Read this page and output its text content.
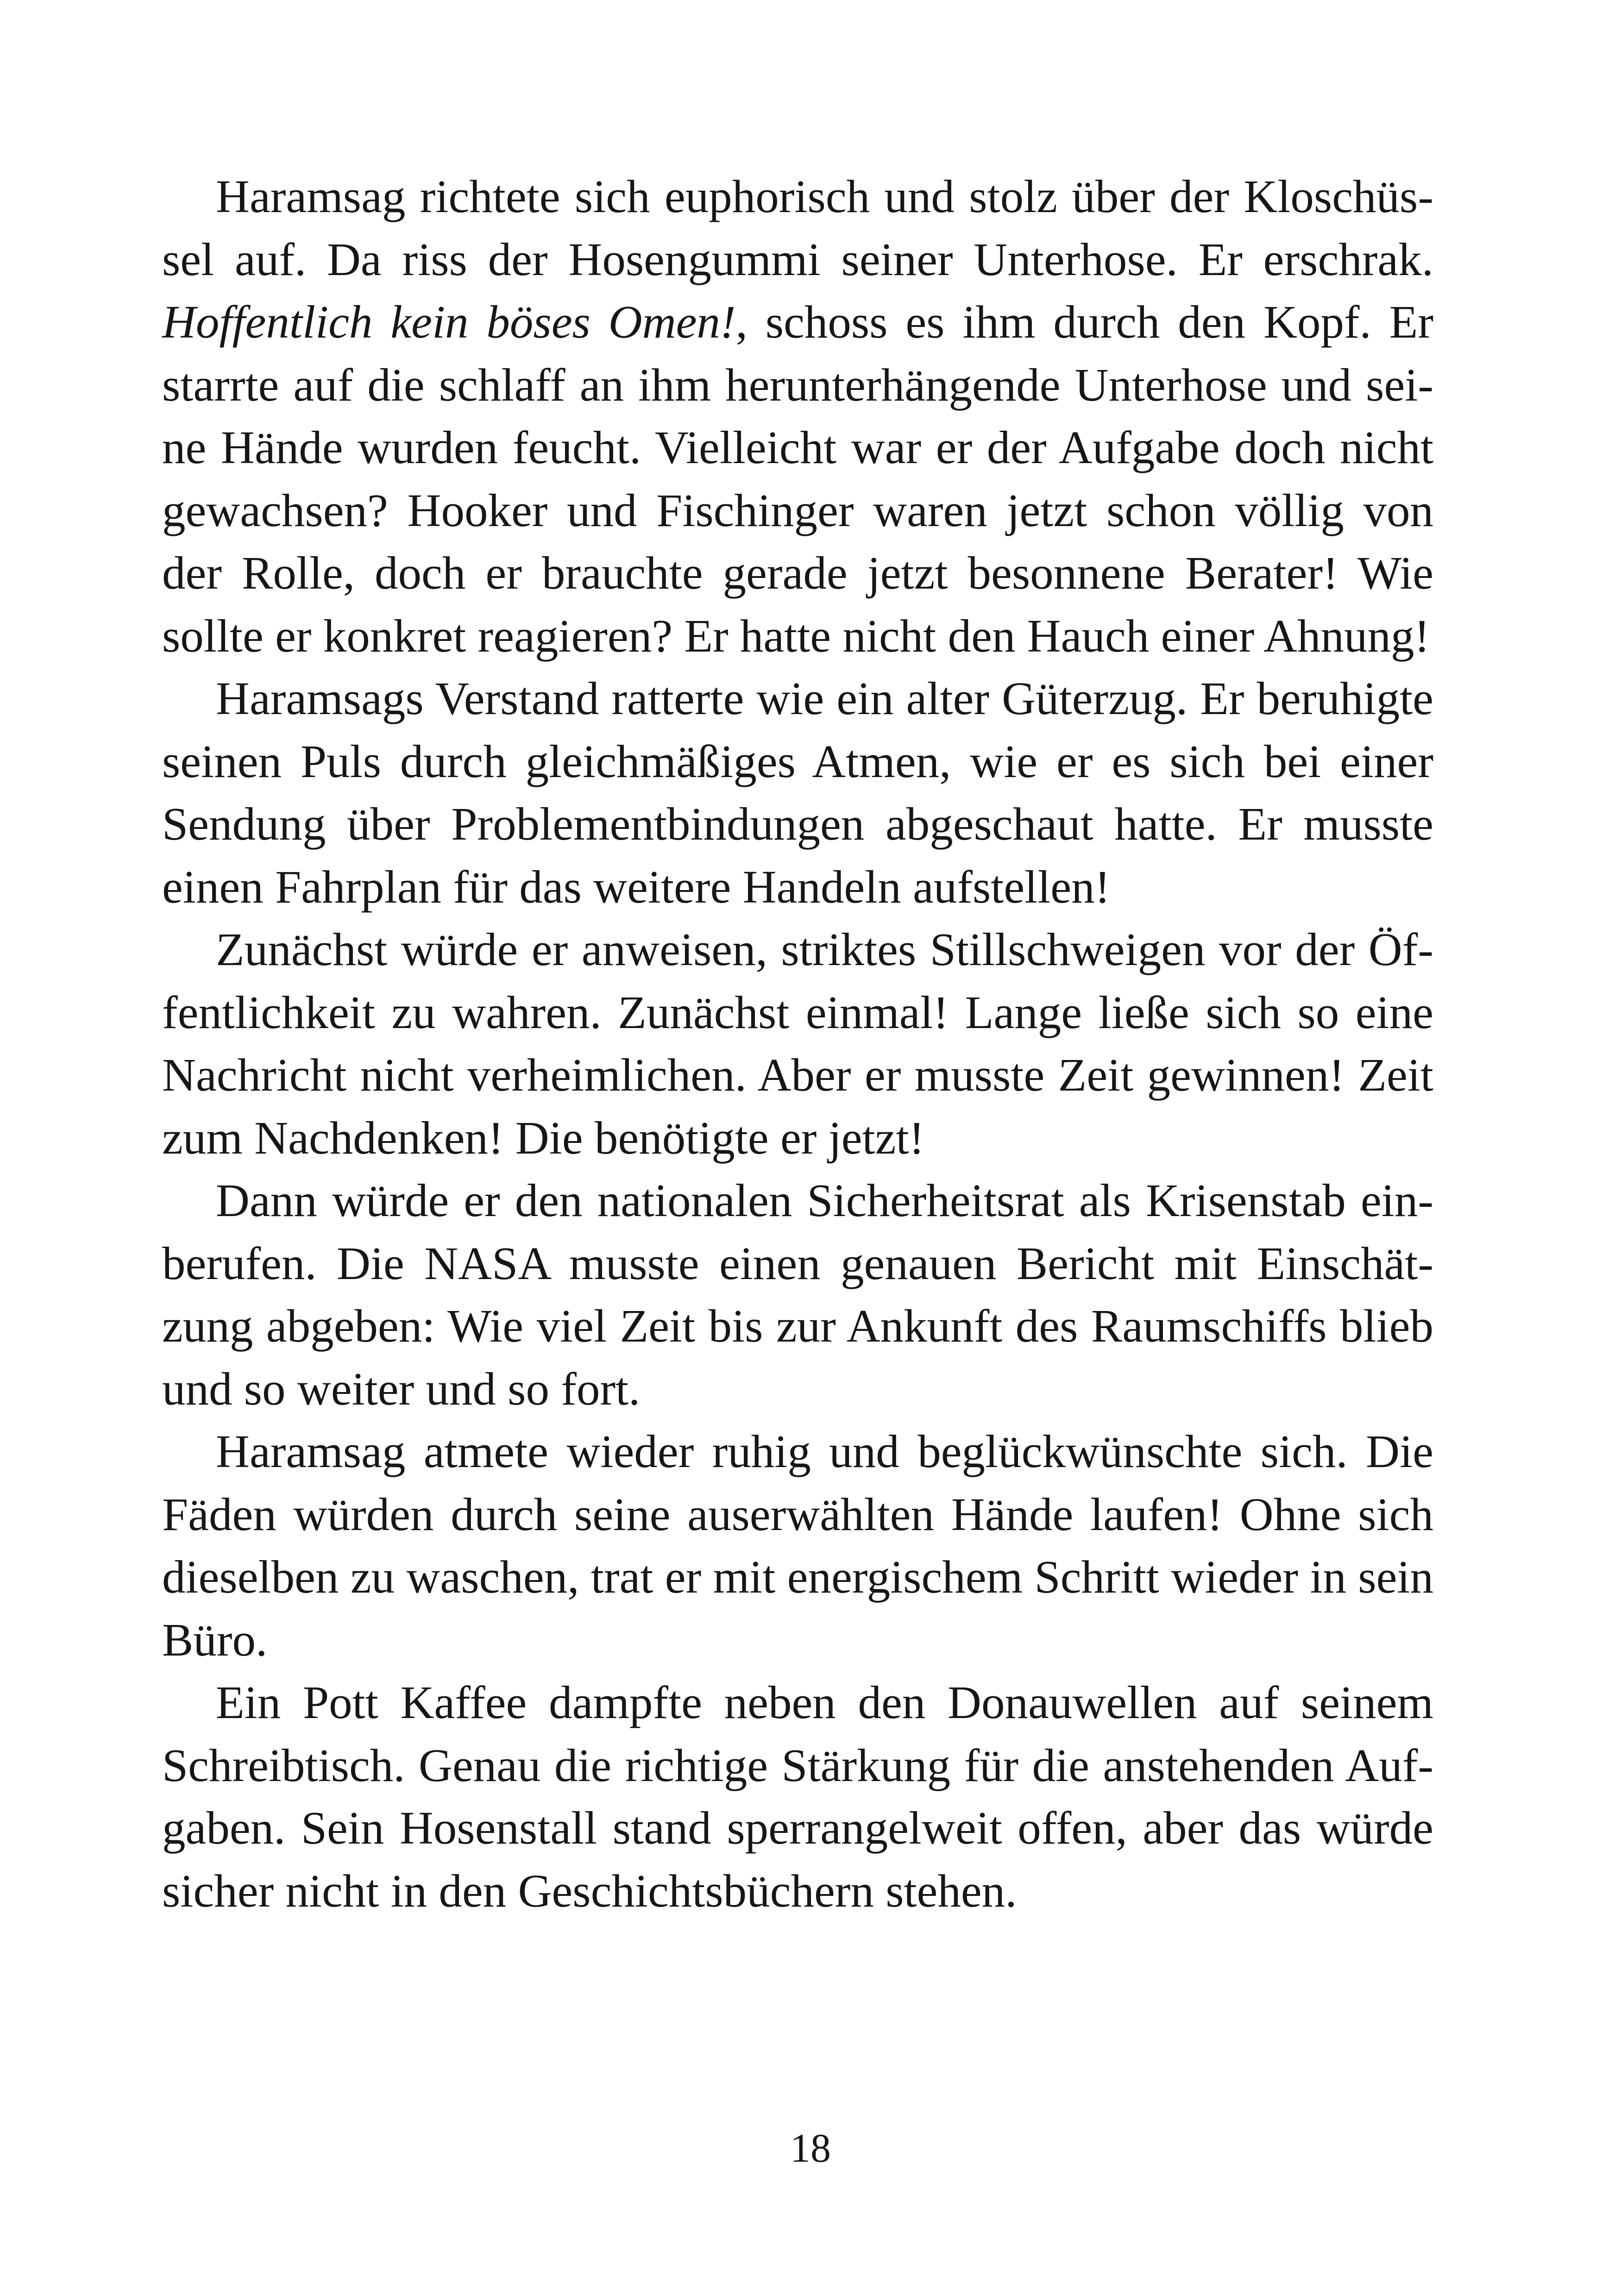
Haramsag richtete sich euphorisch und stolz über der Kloschüssel auf. Da riss der Hosengummi seiner Unterhose. Er erschrak. Hoffentlich kein böses Omen!, schoss es ihm durch den Kopf. Er starrte auf die schlaff an ihm herunterhängende Unterhose und seine Hände wurden feucht. Vielleicht war er der Aufgabe doch nicht gewachsen? Hooker und Fischinger waren jetzt schon völlig von der Rolle, doch er brauchte gerade jetzt besonnene Berater! Wie sollte er konkret reagieren? Er hatte nicht den Hauch einer Ahnung!

Haramsags Verstand ratterte wie ein alter Güterzug. Er beruhigte seinen Puls durch gleichmäßiges Atmen, wie er es sich bei einer Sendung über Problementbindungen abgeschaut hatte. Er musste einen Fahrplan für das weitere Handeln aufstellen!

Zunächst würde er anweisen, striktes Stillschweigen vor der Öffentlichkeit zu wahren. Zunächst einmal! Lange ließe sich so eine Nachricht nicht verheimlichen. Aber er musste Zeit gewinnen! Zeit zum Nachdenken! Die benötigte er jetzt!

Dann würde er den nationalen Sicherheitsrat als Krisenstab einberufen. Die NASA musste einen genauen Bericht mit Einschätzung abgeben: Wie viel Zeit bis zur Ankunft des Raumschiffs blieb und so weiter und so fort.

Haramsag atmete wieder ruhig und beglückwünschte sich. Die Fäden würden durch seine auserwählten Hände laufen! Ohne sich dieselben zu waschen, trat er mit energischem Schritt wieder in sein Büro.

Ein Pott Kaffee dampfte neben den Donauwellen auf seinem Schreibtisch. Genau die richtige Stärkung für die anstehenden Aufgaben. Sein Hosenstall stand sperrangelweit offen, aber das würde sicher nicht in den Geschichtsbüchern stehen.

18
